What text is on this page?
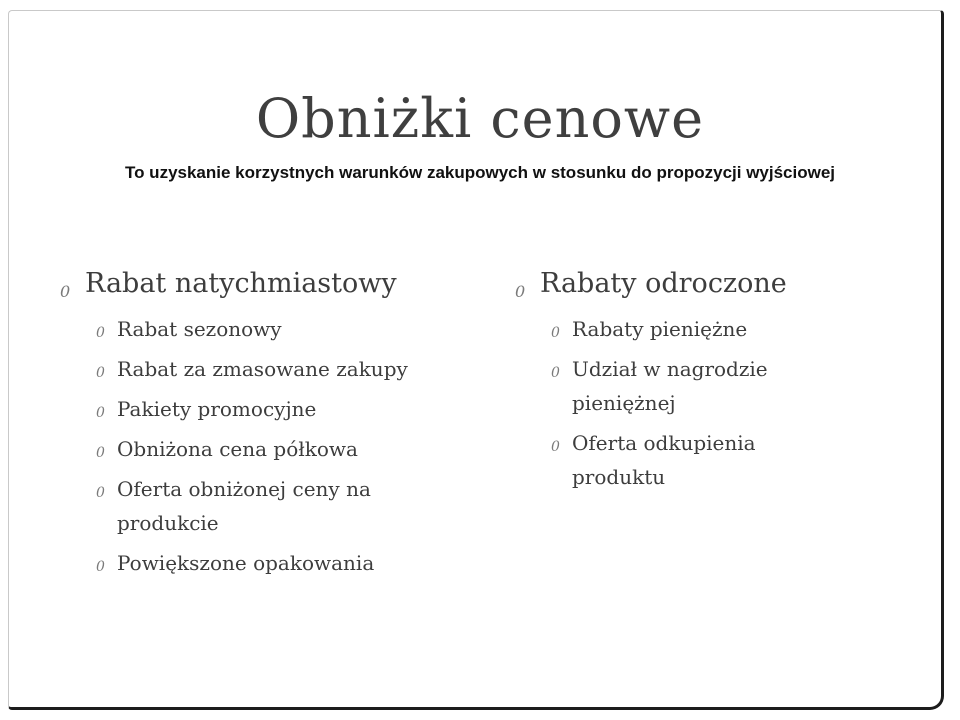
Obniżki cenowe
To uzyskanie korzystnych warunków zakupowych w stosunku do propozycji wyjściowej
0 Rabat natychmiastowy
0 Rabat sezonowy
0 Rabat za zmasowane zakupy
0 Pakiety promocyjne
0 Obniżona cena półkowa
0 Oferta obniżonej ceny na produkcie
0 Powiększone opakowania
0 Rabaty odroczone
0 Rabaty pieniężne
0 Udział w nagrodzie pieniężnej
0 Oferta odkupienia produktu
